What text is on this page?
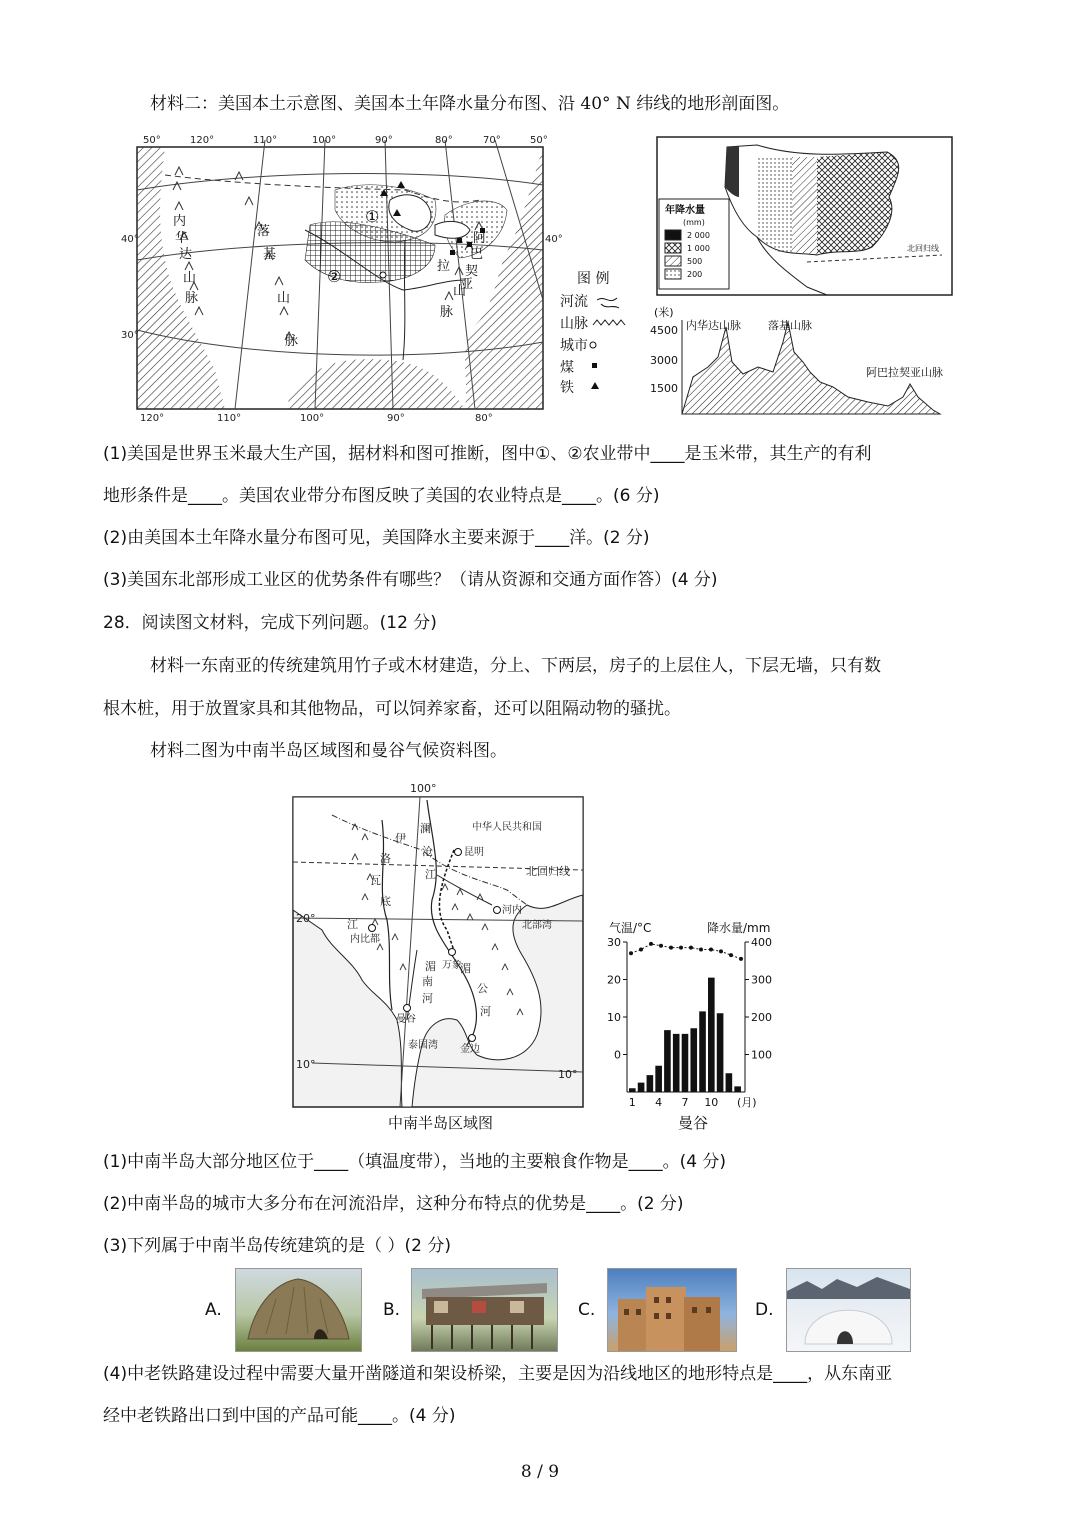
材料二：美国本土示意图、美国本土年降水量分布图、沿 40° N 纬线的地形剖面图。
50°	120°	110°	100°	90°	80°	70°	50°
120°	110°	100°	90°	80°
40°
30°
40°
内
华
达
山
脉
落
基
山
脉
阿
巴
拉 契
亚
山
脉
①
②	图 例
河流
山脉
城市
煤
铁
北回归线
年降水量
(mm)
2 000
1 000
500
200
(米)
4500
3000
1500
内华达山脉 落基山脉
阿巴拉契亚山脉
(1)美国是世界玉米最大生产国，据材料和图可推断，图中①、②农业带中____是玉米带，其生产的有利
地形条件是____。美国农业带分布图反映了美国的农业特点是____。(6 分)
(2)由美国本土年降水量分布图可见，美国降水主要来源于____洋。(2 分)
(3)美国东北部形成工业区的优势条件有哪些？（请从资源和交通方面作答）(4 分)
28．阅读图文材料，完成下列问题。(12 分)
材料一东南亚的传统建筑用竹子或木材建造，分上、下两层，房子的上层住人，下层无墙，只有数
根木桩，用于放置家具和其他物品，可以饲养家畜，还可以阻隔动物的骚扰。
材料二图为中南半岛区域图和曼谷气候资料图。
北回归线
100°
20°
10°
10°
中华人民共和国
昆明
河内
北部湾
内比都
万象
曼谷
泰国湾 金边
澜
沧
江
伊
洛
瓦
底
江
湄
南
河
湄
公
河
中南半岛区域图
气温/°C	降水量/mm
30
20
10
0
400
300
200
100
1 4 7 10 (月)
曼谷
(1)中南半岛大部分地区位于____（填温度带），当地的主要粮食作物是____。(4 分)
(2)中南半岛的城市大多分布在河流沿岸，这种分布特点的优势是____。(2 分)
(3)下列属于中南半岛传统建筑的是（ ）(2 分)
A.	B.	C.	D.
(4)中老铁路建设过程中需要大量开凿隧道和架设桥梁，主要是因为沿线地区的地形特点是____，从东南亚
经中老铁路出口到中国的产品可能____。(4 分)
8 / 9
